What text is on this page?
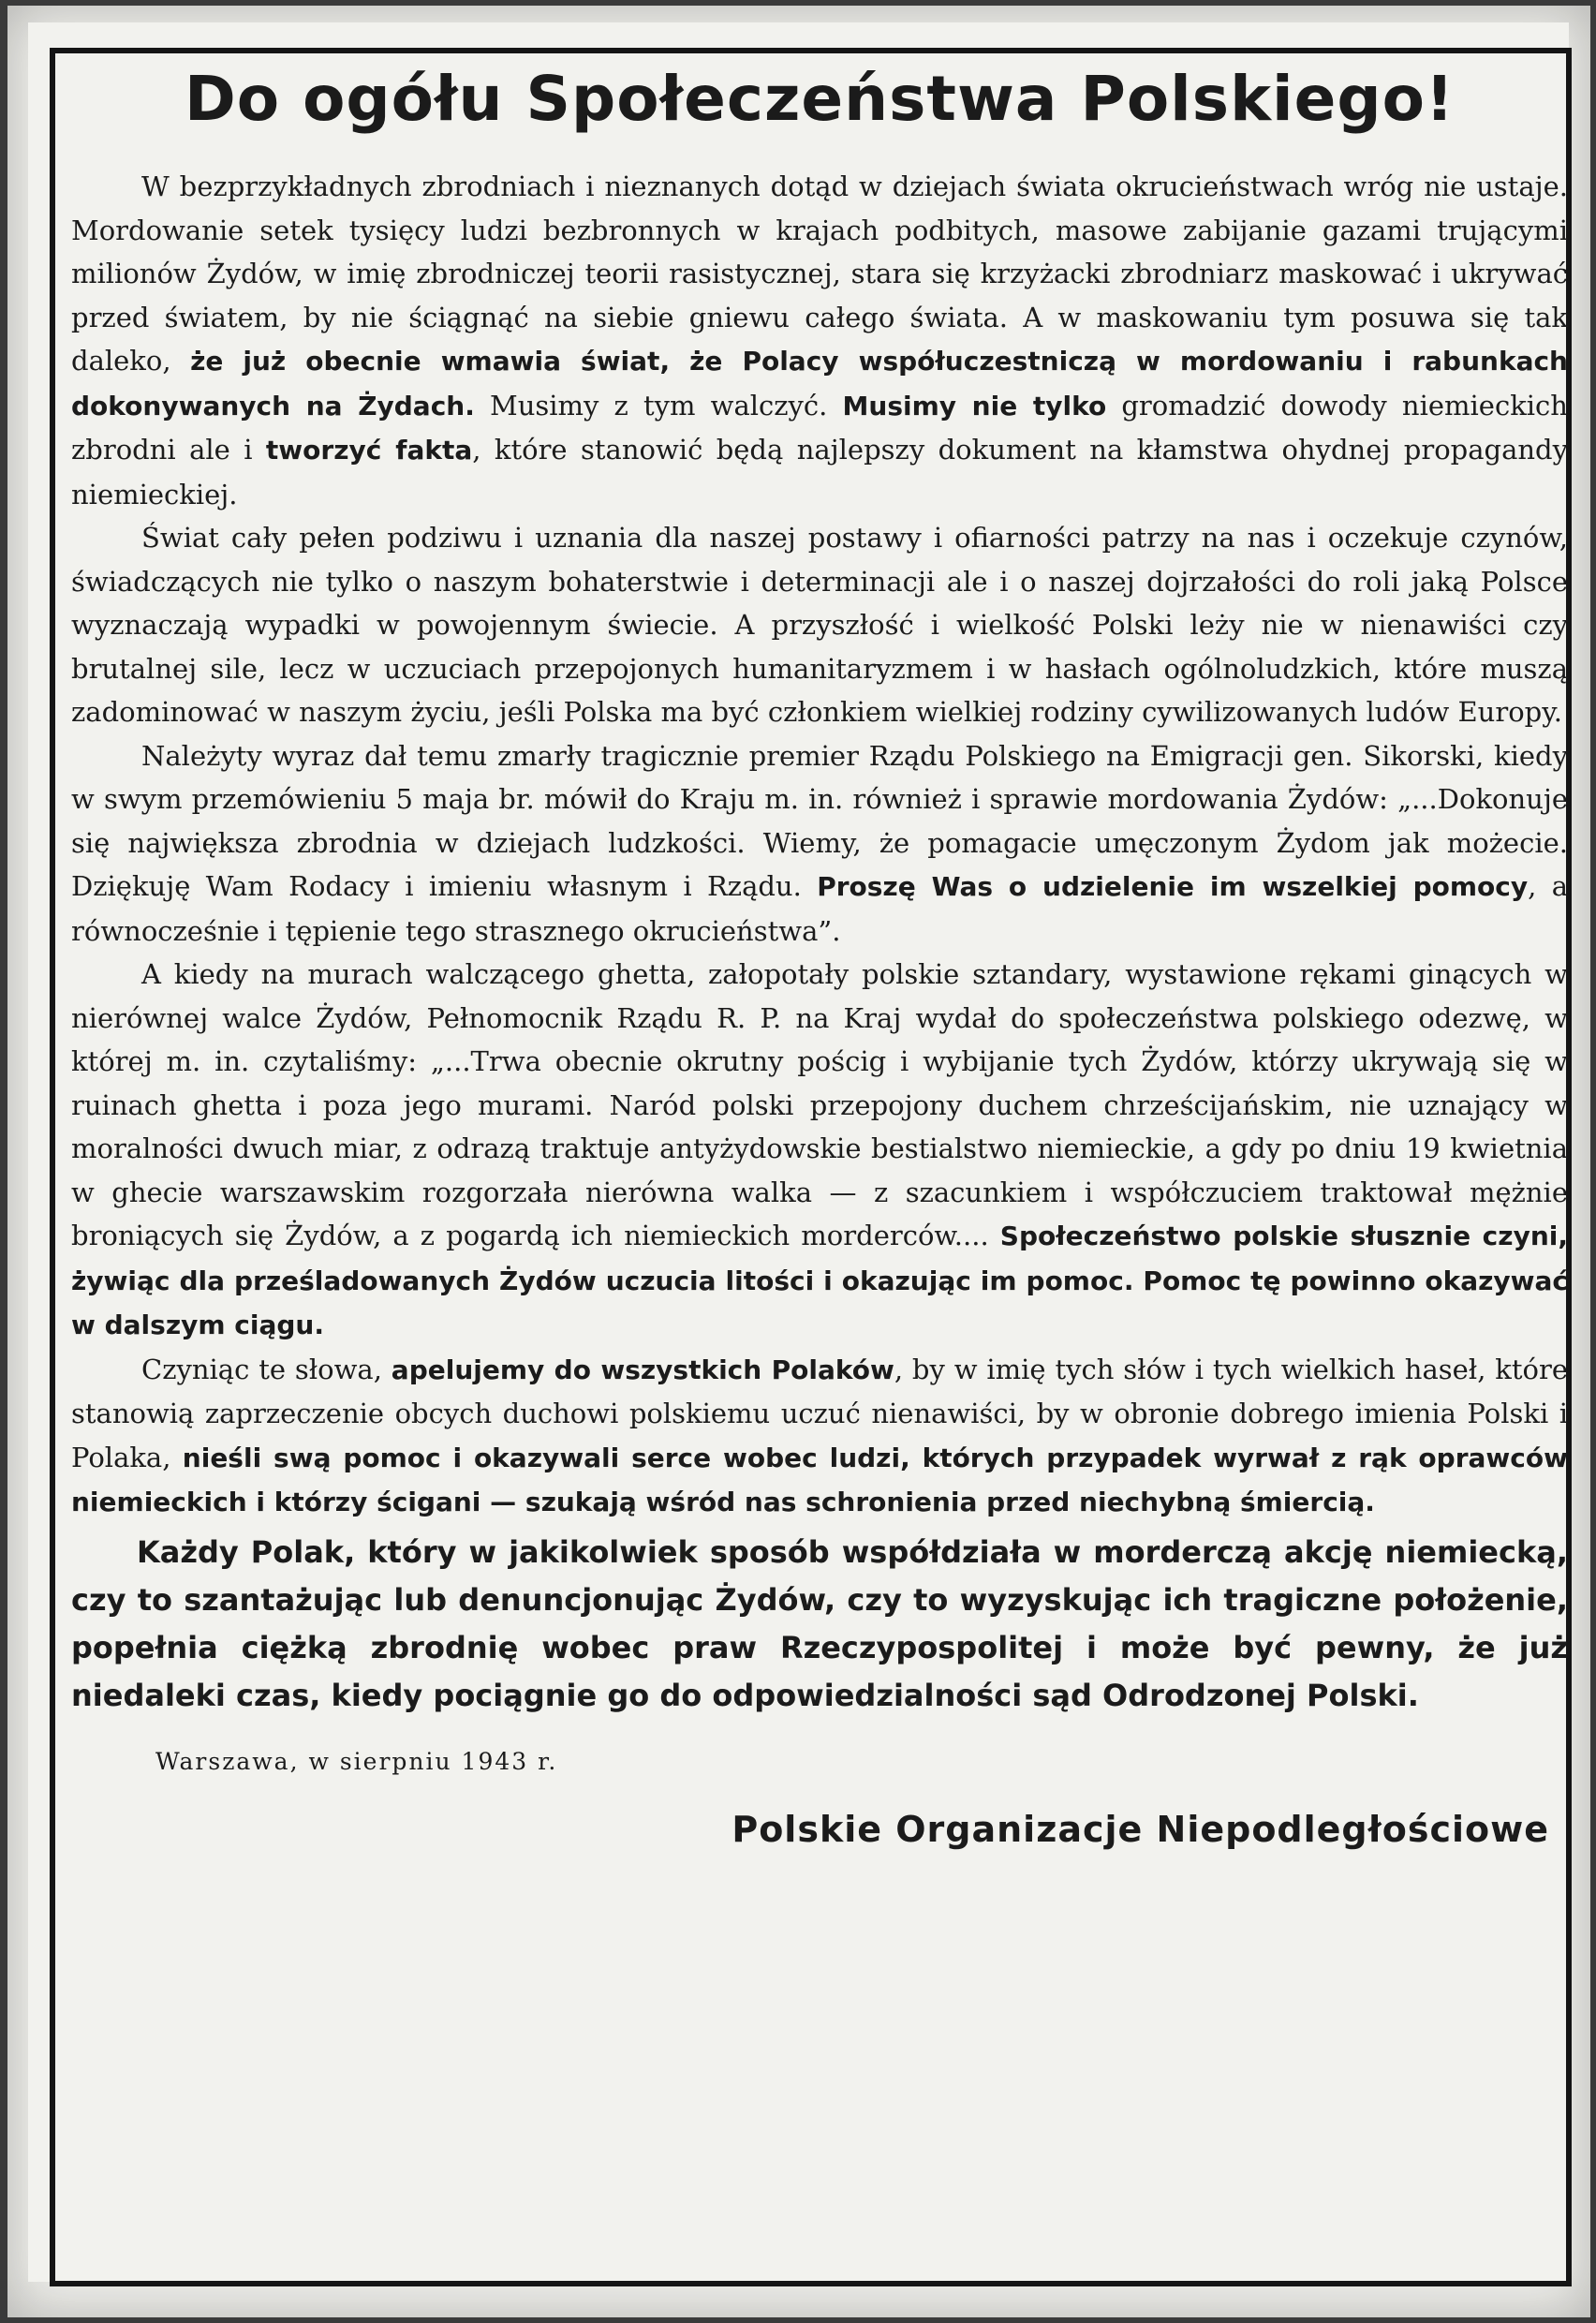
Do ogółu Społeczeństwa Polskiego!

W bezprzykładnych zbrodniach i nieznanych dotąd w dziejach świata okrucieństwach wróg nie ustaje. Mordowanie setek tysięcy ludzi bezbronnych w krajach podbitych, masowe zabijanie gazami trującymi milionów Żydów, w imię zbrodniczej teorii rasistycznej, stara się krzyżacki zbrodniarz maskować i ukrywać przed światem, by nie ściągnąć na siebie gniewu całego świata. A w maskowaniu tym posuwa się tak daleko, że już obecnie wmawia świat, że Polacy współuczestniczą w mordowaniu i rabunkach dokonywanych na Żydach. Musimy z tym walczyć. Musimy nie tylko gromadzić dowody niemieckich zbrodni ale i tworzyć fakta, które stanowić będą najlepszy dokument na kłamstwa ohydnej propagandy niemieckiej.

Świat cały pełen podziwu i uznania dla naszej postawy i ofiarności patrzy na nas i oczekuje czynów, świadczących nie tylko o naszym bohaterstwie i determinacji ale i o naszej dojrzałości do roli jaką Polsce wyznaczają wypadki w powojennym świecie. A przyszłość i wielkość Polski leży nie w nienawiści czy brutalnej sile, lecz w uczuciach przepojonych humanitaryzmem i w hasłach ogólnoludzkich, które muszą zadominować w naszym życiu, jeśli Polska ma być członkiem wielkiej rodziny cywilizowanych ludów Europy.

Należyty wyraz dał temu zmarły tragicznie premier Rządu Polskiego na Emigracji gen. Sikorski, kiedy w swym przemówieniu 5 maja br. mówił do Kraju m. in. również i sprawie mordowania Żydów: „...Dokonuje się największa zbrodnia w dziejach ludzkości. Wiemy, że pomagacie umęczonym Żydom jak możecie. Dziękuję Wam Rodacy i imieniu własnym i Rządu. Proszę Was o udzielenie im wszelkiej pomocy, a równocześnie i tępienie tego strasznego okrucieństwa”.

A kiedy na murach walczącego ghetta, załopotały polskie sztandary, wystawione rękami ginących w nierównej walce Żydów, Pełnomocnik Rządu R. P. na Kraj wydał do społeczeństwa polskiego odezwę, w której m. in. czytaliśmy: „...Trwa obecnie okrutny pościg i wybijanie tych Żydów, którzy ukrywają się w ruinach ghetta i poza jego murami. Naród polski przepojony duchem chrześcijańskim, nie uznający w moralności dwuch miar, z odrazą traktuje antyżydowskie bestialstwo niemieckie, a gdy po dniu 19 kwietnia w ghecie warszawskim rozgorzała nierówna walka — z szacunkiem i współczuciem traktował mężnie broniących się Żydów, a z pogardą ich niemieckich morderców.... Społeczeństwo polskie słusznie czyni, żywiąc dla prześladowanych Żydów uczucia litości i okazując im pomoc. Pomoc tę powinno okazywać w dalszym ciągu.

Czyniąc te słowa, apelujemy do wszystkich Polaków, by w imię tych słów i tych wielkich haseł, które stanowią zaprzeczenie obcych duchowi polskiemu uczuć nienawiści, by w obronie dobrego imienia Polski i Polaka, nieśli swą pomoc i okazywali serce wobec ludzi, których przypadek wyrwał z rąk oprawców niemieckich i którzy ścigani — szukają wśród nas schronienia przed niechybną śmiercią.

Każdy Polak, który w jakikolwiek sposób współdziała w morderczą akcję niemiecką, czy to szantażując lub denuncjonując Żydów, czy to wyzyskując ich tragiczne położenie, popełnia ciężką zbrodnię wobec praw Rzeczypospolitej i może być pewny, że już niedaleki czas, kiedy pociągnie go do odpowiedzialności sąd Odrodzonej Polski.

Warszawa, w sierpniu 1943 r.
Polskie Organizacje Niepodległościowe
